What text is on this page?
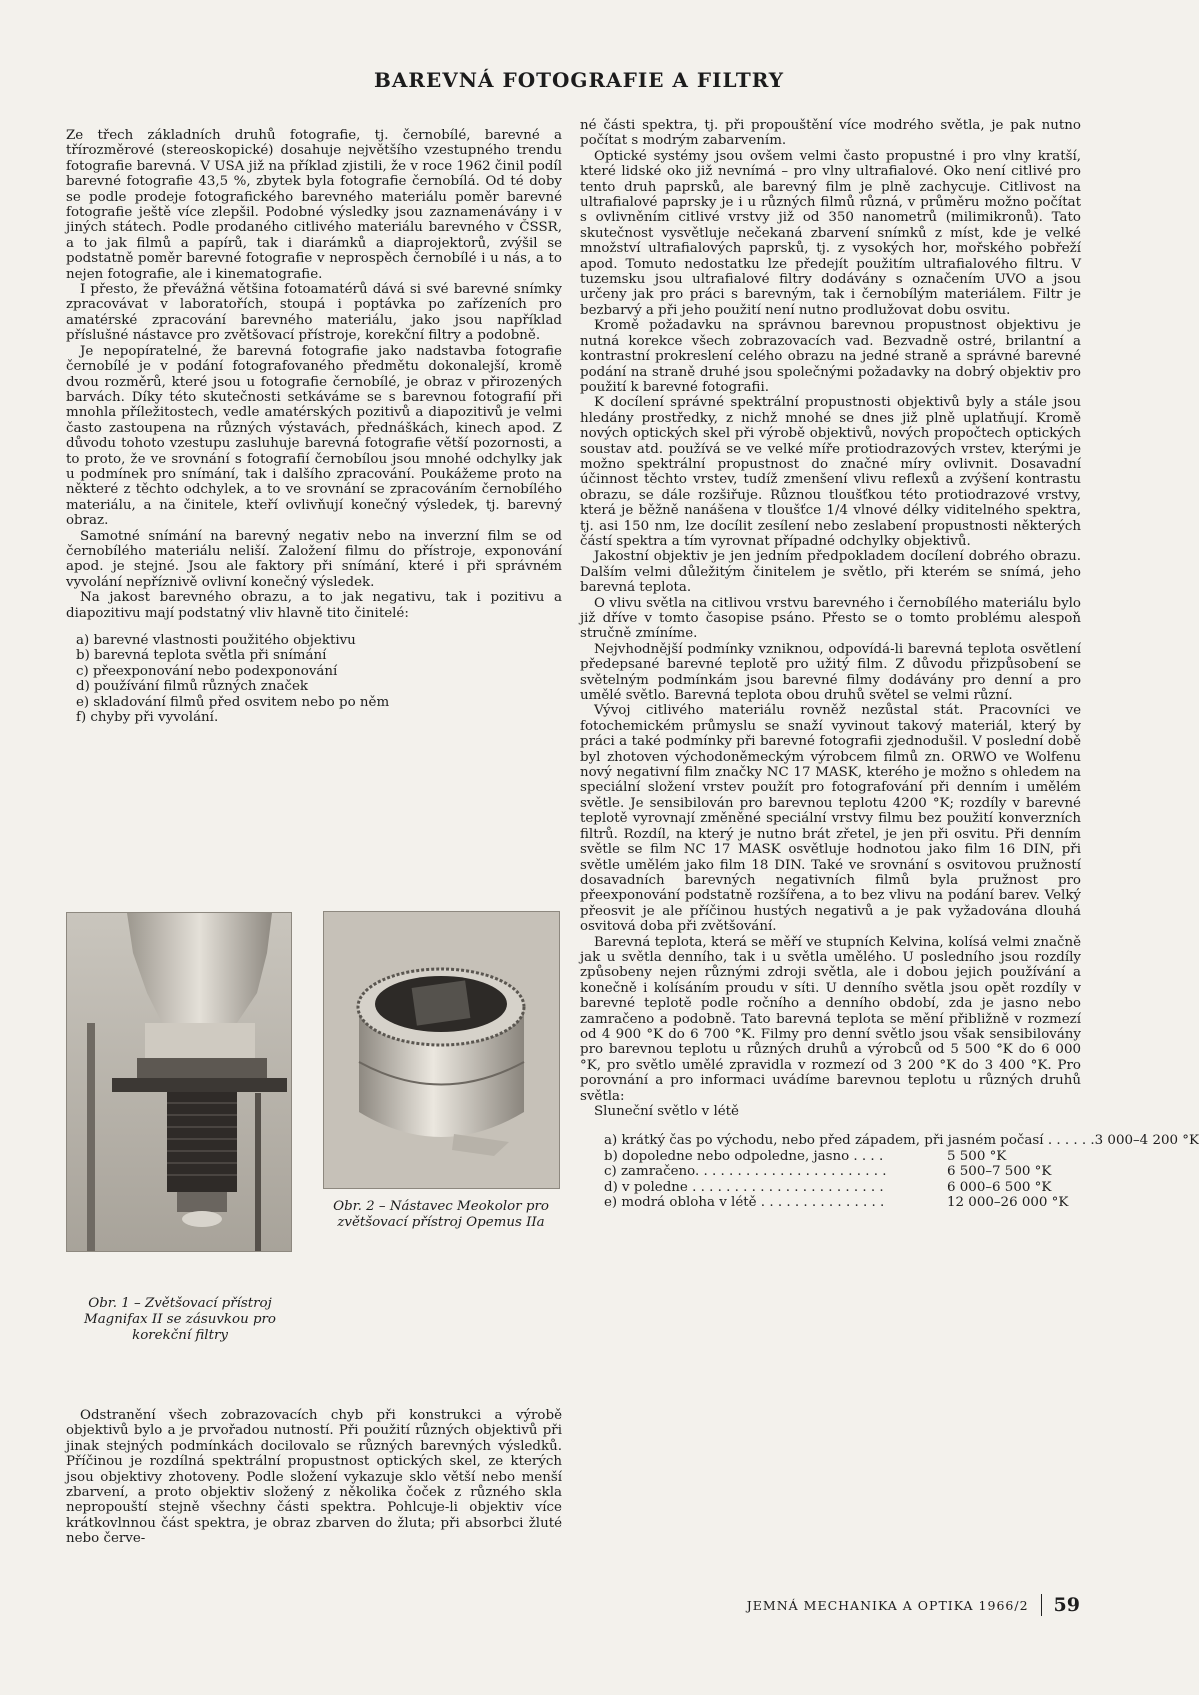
BAREVNÁ FOTOGRAFIE A FILTRY

Ze třech základních druhů fotografie, tj. černobílé, barevné a třírozměrové (stereoskopické) dosahuje největšího vzestupného trendu fotografie barevná. V USA již na příklad zjistili, že v roce 1962 činil podíl barevné fotografie 43,5 %, zbytek byla fotografie černobílá. Od té doby se podle prodeje fotografického barevného materiálu poměr barevné fotografie ještě více zlepšil. Podobné výsledky jsou zaznamenávány i v jiných státech. Podle prodaného citlivého materiálu barevného v ČSSR, a to jak filmů a papírů, tak i diarámků a diaprojektorů, zvýšil se podstatně poměr barevné fotografie v neprospěch černobílé i u nás, a to nejen fotografie, ale i kinematografie.

I přesto, že převážná většina fotoamatérů dává si své barevné snímky zpracovávat v laboratořích, stoupá i poptávka po zařízeních pro amatérské zpracování barevného materiálu, jako jsou například příslušné nástavce pro zvětšovací přístroje, korekční filtry a podobně.

Je nepopíratelné, že barevná fotografie jako nadstavba fotografie černobílé je v podání fotografovaného předmětu dokonalejší, kromě dvou rozměrů, které jsou u fotografie černobílé, je obraz v přirozených barvách. Díky této skutečnosti setkáváme se s barevnou fotografií při mnohla příležitostech, vedle amatérských pozitivů a diapozitivů je velmi často zastoupena na různých výstavách, přednáškách, kinech apod. Z důvodu tohoto vzestupu zasluhuje barevná fotografie větší pozornosti, a to proto, že ve srovnání s fotografií černobílou jsou mnohé odchylky jak u podmínek pro snímání, tak i dalšího zpracování. Poukážeme proto na některé z těchto odchylek, a to ve srovnání se zpracováním černobílého materiálu, a na činitele, kteří ovlivňují konečný výsledek, tj. barevný obraz.

Samotné snímání na barevný negativ nebo na inverzní film se od černobílého materiálu neliší. Založení filmu do přístroje, exponování apod. je stejné. Jsou ale faktory při snímání, které i při správném vyvolání nepříznivě ovlivní konečný výsledek.

Na jakost barevného obrazu, a to jak negativu, tak i pozitivu a diapozitivu mají podstatný vliv hlavně tito činitelé:

a) barevné vlastnosti použitého objektivu
b) barevná teplota světla při snímání
c) přeexponování nebo podexponování
d) používání filmů různých značek
e) skladování filmů před osvitem nebo po něm
f) chyby při vyvolání.
Obr. 1 – Zvětšovací přístroj Magnifax II se zásuvkou pro korekční filtry
Obr. 2 – Nástavec Meokolor pro zvětšovací přístroj Opemus IIa

Odstranění všech zobrazovacích chyb při konstrukci a výrobě objektivů bylo a je prvořadou nutností. Při použití různých objektivů při jinak stejných podmínkách docilovalo se různých barevných výsledků. Příčinou je rozdílná spektrální propustnost optických skel, ze kterých jsou objektivy zhotoveny. Podle složení vykazuje sklo větší nebo menší zbarvení, a proto objektiv složený z několika čoček z různého skla nepropouští stejně všechny části spektra. Pohlcuje-li objektiv více krátkovlnnou část spektra, je obraz zbarven do žluta; při absorbci žluté nebo červe-

né části spektra, tj. při propouštění více modrého světla, je pak nutno počítat s modrým zabarvením.

Optické systémy jsou ovšem velmi často propustné i pro vlny kratší, které lidské oko již nevnímá – pro vlny ultrafialové. Oko není citlivé pro tento druh paprsků, ale barevný film je plně zachycuje. Citlivost na ultrafialové paprsky je i u různých filmů různá, v průměru možno počítat s ovlivněním citlivé vrstvy již od 350 nanometrů (milimikronů). Tato skutečnost vysvětluje nečekaná zbarvení snímků z míst, kde je velké množství ultrafialových paprsků, tj. z vysokých hor, mořského pobřeží apod. Tomuto nedostatku lze předejít použitím ultrafialového filtru. V tuzemsku jsou ultrafialové filtry dodávány s označením UVO a jsou určeny jak pro práci s barevným, tak i černobílým materiálem. Filtr je bezbarvý a při jeho použití není nutno prodlužovat dobu osvitu.

Kromě požadavku na správnou barevnou propustnost objektivu je nutná korekce všech zobrazovacích vad. Bezvadně ostré, brilantní a kontrastní prokreslení celého obrazu na jedné straně a správné barevné podání na straně druhé jsou společnými požadavky na dobrý objektiv pro použití k barevné fotografii.

K docílení správné spektrální propustnosti objektivů byly a stále jsou hledány prostředky, z nichž mnohé se dnes již plně uplatňují. Kromě nových optických skel při výrobě objektivů, nových propočtech optických soustav atd. používá se ve velké míře protiodrazových vrstev, kterými je možno spektrální propustnost do značné míry ovlivnit. Dosavadní účinnost těchto vrstev, tudíž zmenšení vlivu reflexů a zvýšení kontrastu obrazu, se dále rozšiřuje. Různou tloušťkou této protiodrazové vrstvy, která je běžně nanášena v tloušťce 1/4 vlnové délky viditelného spektra, tj. asi 150 nm, lze docílit zesílení nebo zeslabení propustnosti některých částí spektra a tím vyrovnat případné odchylky objektivů.

Jakostní objektiv je jen jedním předpokladem docílení dobrého obrazu. Dalším velmi důležitým činitelem je světlo, při kterém se snímá, jeho barevná teplota.

O vlivu světla na citlivou vrstvu barevného i černobílého materiálu bylo již dříve v tomto časopise psáno. Přesto se o tomto problému alespoň stručně zmíníme.

Nejvhodnější podmínky vzniknou, odpovídá-li barevná teplota osvětlení předepsané barevné teplotě pro užitý film. Z důvodu přizpůsobení se světelným podmínkám jsou barevné filmy dodávány pro denní a pro umělé světlo. Barevná teplota obou druhů světel se velmi různí.

Vývoj citlivého materiálu rovněž nezůstal stát. Pracovníci ve fotochemickém průmyslu se snaží vyvinout takový materiál, který by práci a také podmínky při barevné fotografii zjednodušil. V poslední době byl zhotoven východoněmeckým výrobcem filmů zn. ORWO ve Wolfenu nový negativní film značky NC 17 MASK, kterého je možno s ohledem na speciální složení vrstev použít pro fotografování při denním i umělém světle. Je sensibilován pro barevnou teplotu 4200 °K; rozdíly v barevné teplotě vyrovnají změněné speciální vrstvy filmu bez použití konverzních filtrů. Rozdíl, na který je nutno brát zřetel, je jen při osvitu. Při denním světle se film NC 17 MASK osvětluje hodnotou jako film 16 DIN, při světle umělém jako film 18 DIN. Také ve srovnání s osvitovou pružností dosavadních barevných negativních filmů byla pružnost pro přeexponování podstatně rozšířena, a to bez vlivu na podání barev. Velký přeosvit je ale příčinou hustých negativů a je pak vyžadována dlouhá osvitová doba při zvětšování.

Barevná teplota, která se měří ve stupních Kelvina, kolísá velmi značně jak u světla denního, tak i u světla umělého. U posledního jsou rozdíly způsobeny nejen různými zdroji světla, ale i dobou jejich používání a konečně i kolísáním proudu v síti. U denního světla jsou opět rozdíly v barevné teplotě podle ročního a denního období, zda je jasno nebo zamračeno a podobně. Tato barevná teplota se mění přibližně v rozmezí od 4 900 °K do 6 700 °K. Filmy pro denní světlo jsou však sensibilovány pro barevnou teplotu u různých druhů a výrobců od 5 500 °K do 6 000 °K, pro světlo umělé zpravidla v rozmezí od 3 200 °K do 3 400 °K. Pro porovnání a pro informaci uvádíme barevnou teplotu u různých druhů světla:

Sluneční světlo v létě

a) krátký čas po východu, nebo před západem, při jasném počasí . . . . . . 3 000–4 200 °K
b) dopoledne nebo odpoledne, jasno . . . .	5 500 °K
c) zamračeno. . . . . . . . . . . . . . . . . . . . . . .	6 500–7 500 °K
d) v poledne . . . . . . . . . . . . . . . . . . . . . . .	6 000–6 500 °K
e) modrá obloha v létě . . . . . . . . . . . . . . .	12 000–26 000 °K
JEMNÁ MECHANIKA A OPTIKA 1966/2 59
